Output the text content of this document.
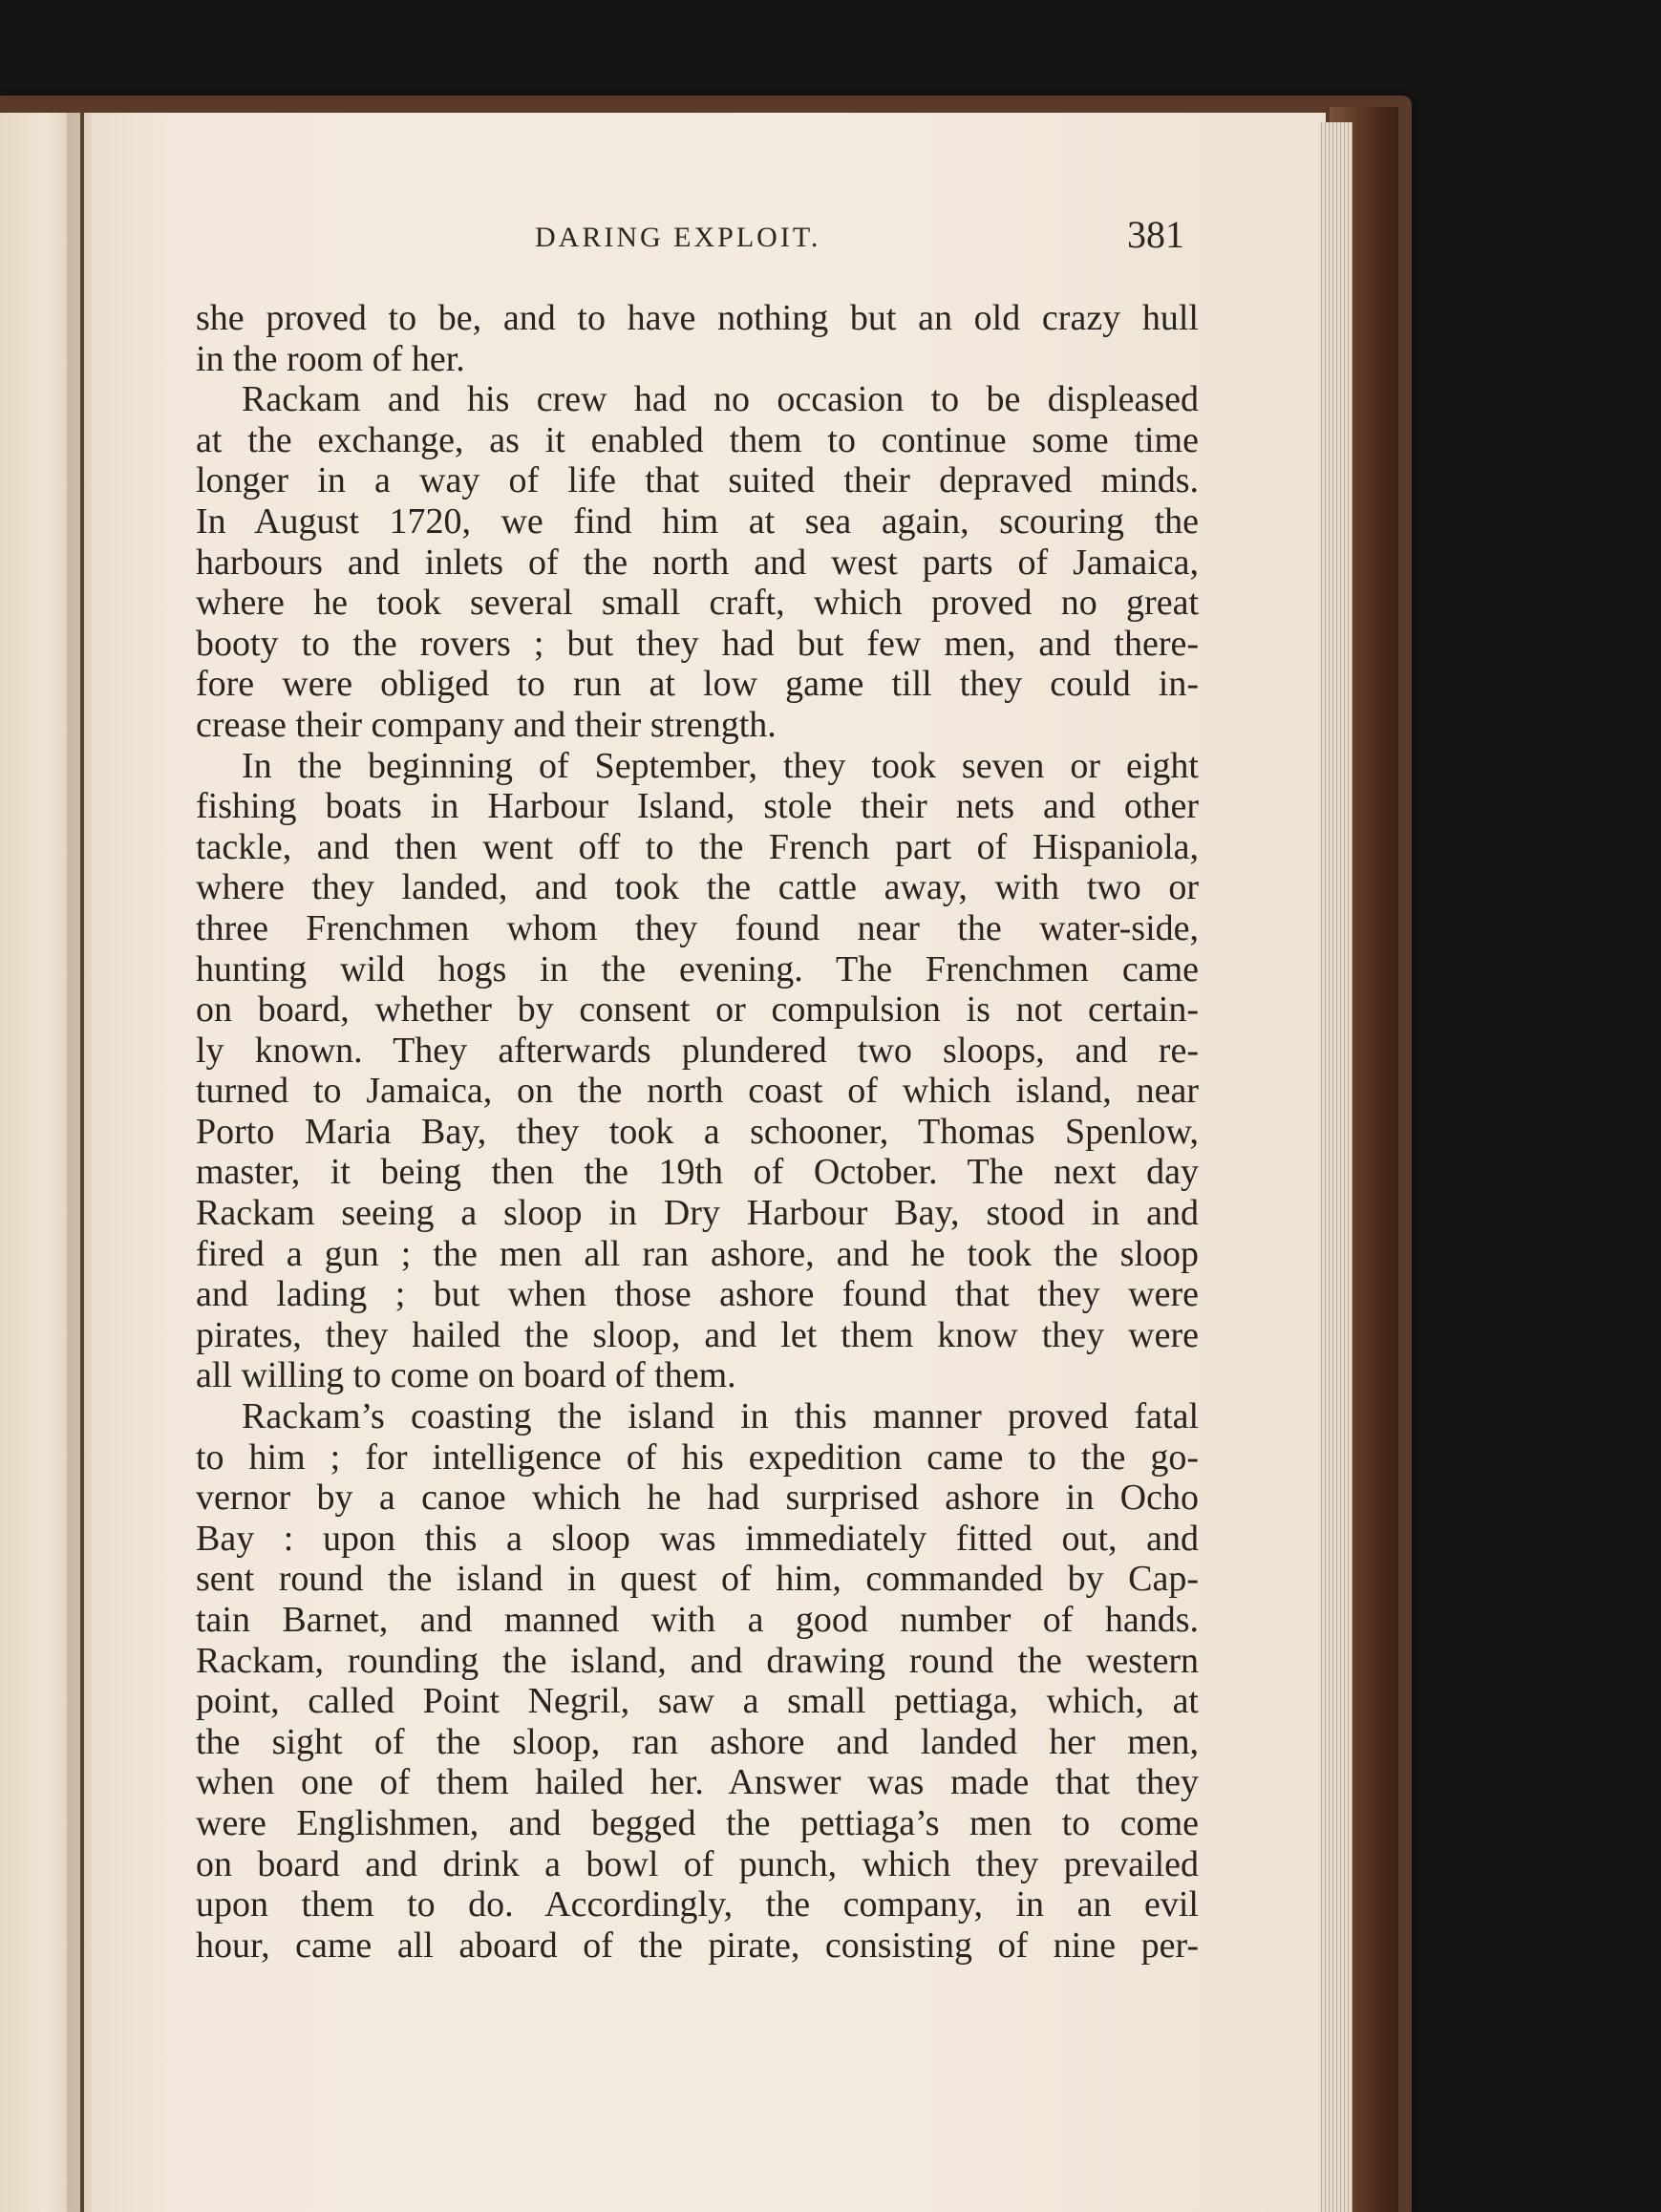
DARING EXPLOIT.	381
she proved to be, and to have nothing but an old crazy hull
in the room of her.
Rackam and his crew had no occasion to be displeased
at the exchange, as it enabled them to continue some time
longer in a way of life that suited their depraved minds.
In August 1720, we find him at sea again, scouring the
harbours and inlets of the north and west parts of Jamaica,
where he took several small craft, which proved no great
booty to the rovers ; but they had but few men, and there-
fore were obliged to run at low game till they could in-
crease their company and their strength.
In the beginning of September, they took seven or eight
fishing boats in Harbour Island, stole their nets and other
tackle, and then went off to the French part of Hispaniola,
where they landed, and took the cattle away, with two or
three Frenchmen whom they found near the water-side,
hunting wild hogs in the evening. The Frenchmen came
on board, whether by consent or compulsion is not certain-
ly known. They afterwards plundered two sloops, and re-
turned to Jamaica, on the north coast of which island, near
Porto Maria Bay, they took a schooner, Thomas Spenlow,
master, it being then the 19th of October. The next day
Rackam seeing a sloop in Dry Harbour Bay, stood in and
fired a gun ; the men all ran ashore, and he took the sloop
and lading ; but when those ashore found that they were
pirates, they hailed the sloop, and let them know they were
all willing to come on board of them.
Rackam’s coasting the island in this manner proved fatal
to him ; for intelligence of his expedition came to the go-
vernor by a canoe which he had surprised ashore in Ocho
Bay : upon this a sloop was immediately fitted out, and
sent round the island in quest of him, commanded by Cap-
tain Barnet, and manned with a good number of hands.
Rackam, rounding the island, and drawing round the western
point, called Point Negril, saw a small pettiaga, which, at
the sight of the sloop, ran ashore and landed her men,
when one of them hailed her. Answer was made that they
were Englishmen, and begged the pettiaga’s men to come
on board and drink a bowl of punch, which they prevailed
upon them to do. Accordingly, the company, in an evil
hour, came all aboard of the pirate, consisting of nine per-
